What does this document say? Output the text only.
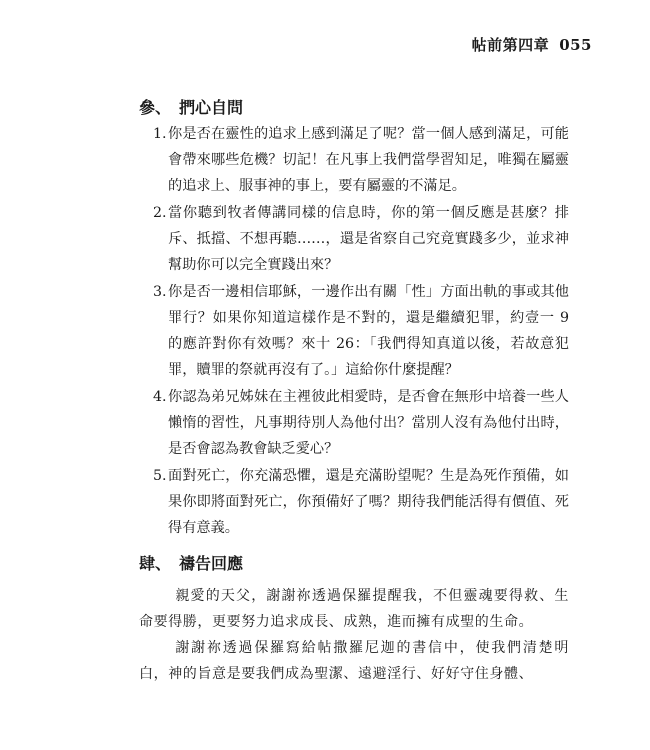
帖前第四章 055
參、 捫心自問
1. 你是否在靈性的追求上感到滿足了呢？當一個人感到滿足，可能會帶來哪些危機？切記！在凡事上我們當學習知足，唯獨在屬靈的追求上、服事神的事上，要有屬靈的不滿足。
2. 當你聽到牧者傳講同樣的信息時，你的第一個反應是甚麼？排斥、抵擋、不想再聽……，還是省察自己究竟實踐多少，並求神幫助你可以完全實踐出來？
3. 你是否一邊相信耶穌，一邊作出有關「性」方面出軌的事或其他罪行？如果你知道這樣作是不對的，還是繼續犯罪，約壹一 9 的應許對你有效嗎？來十 26：「我們得知真道以後，若故意犯罪，贖罪的祭就再沒有了。」這給你什麼提醒？
4. 你認為弟兄姊妹在主裡彼此相愛時，是否會在無形中培養一些人懶惰的習性，凡事期待別人為他付出？當別人沒有為他付出時，是否會認為教會缺乏愛心？
5. 面對死亡，你充滿恐懼，還是充滿盼望呢？生是為死作預備，如果你即將面對死亡，你預備好了嗎？期待我們能活得有價值、死得有意義。
肆、 禱告回應

親愛的天父，謝謝祢透過保羅提醒我，不但靈魂要得救、生命要得勝，更要努力追求成長、成熟，進而擁有成聖的生命。

謝謝祢透過保羅寫給帖撒羅尼迦的書信中，使我們清楚明白，神的旨意是要我們成為聖潔、遠避淫行、好好守住身體、
